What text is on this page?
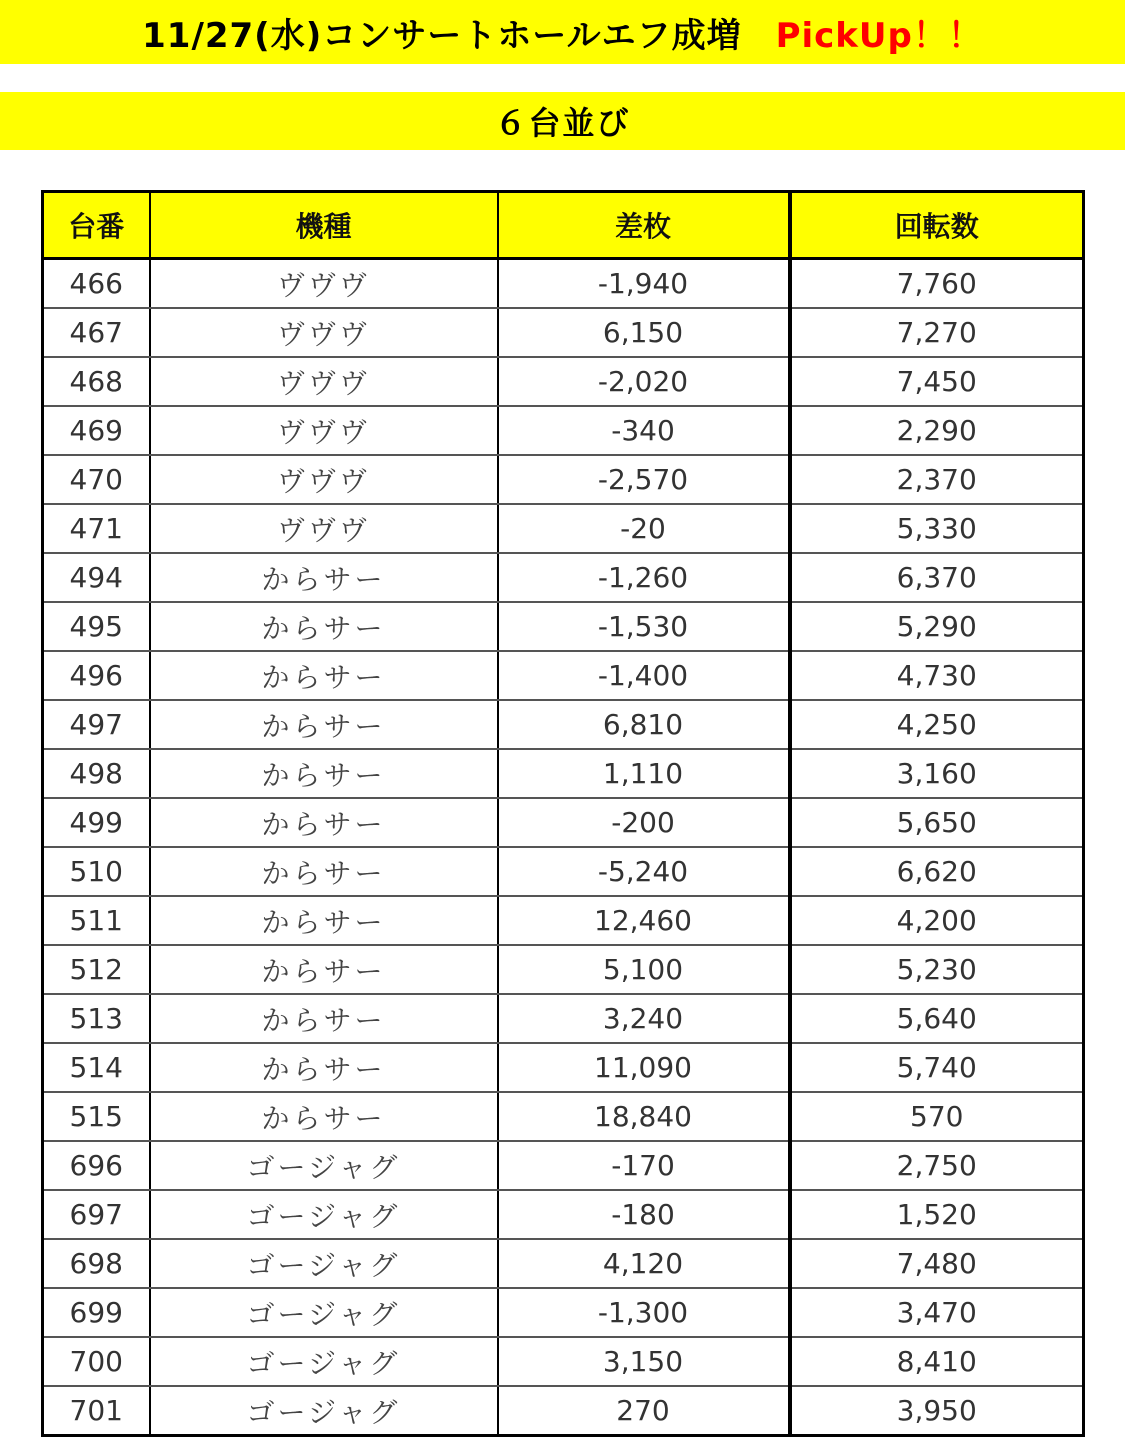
11/27(水)コンサートホールエフ成増 PickUp！！
６台並び
台番	機種	差枚	回転数
466	ヴヴヴ	-1,940	7,760
467	ヴヴヴ	6,150	7,270
468	ヴヴヴ	-2,020	7,450
469	ヴヴヴ	-340	2,290
470	ヴヴヴ	-2,570	2,370
471	ヴヴヴ	-20	5,330
494	からサー	-1,260	6,370
495	からサー	-1,530	5,290
496	からサー	-1,400	4,730
497	からサー	6,810	4,250
498	からサー	1,110	3,160
499	からサー	-200	5,650
510	からサー	-5,240	6,620
511	からサー	12,460	4,200
512	からサー	5,100	5,230
513	からサー	3,240	5,640
514	からサー	11,090	5,740
515	からサー	18,840	570
696	ゴージャグ	-170	2,750
697	ゴージャグ	-180	1,520
698	ゴージャグ	4,120	7,480
699	ゴージャグ	-1,300	3,470
700	ゴージャグ	3,150	8,410
701	ゴージャグ	270	3,950
